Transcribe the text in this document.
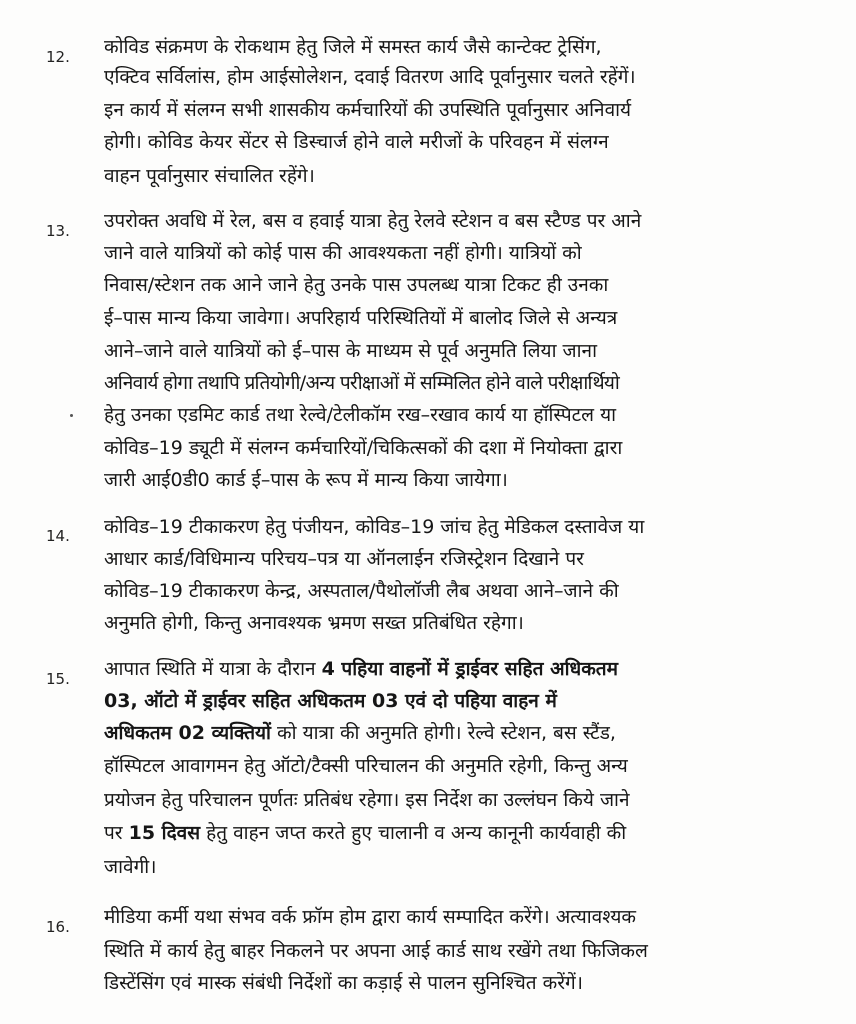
12. कोविड संक्रमण के रोकथाम हेतु जिले में समस्त कार्य जैसे कान्टेक्ट ट्रेसिंग,
एक्टिव सर्विलांस, होम आईसोलेशन, दवाई वितरण आदि पूर्वानुसार चलते रहेंगें।
इन कार्य में संलग्न सभी शासकीय कर्मचारियों की उपस्थिति पूर्वानुसार अनिवार्य
होगी। कोविड केयर सेंटर से डिस्चार्ज होने वाले मरीजों के परिवहन में संलग्न
वाहन पूर्वानुसार संचालित रहेंगे।
13. उपरोक्त अवधि में रेल, बस व हवाई यात्रा हेतु रेलवे स्टेशन व बस स्टैण्ड पर आने
जाने वाले यात्रियों को कोई पास की आवश्यकता नहीं होगी। यात्रियों को
निवास/स्टेशन तक आने जाने हेतु उनके पास उपलब्ध यात्रा टिकट ही उनका
ई–पास मान्य किया जावेगा। अपरिहार्य परिस्थितियों में बालोद जिले से अन्यत्र
आने–जाने वाले यात्रियों को ई–पास के माध्यम से पूर्व अनुमति लिया जाना
अनिवार्य होगा तथापि प्रतियोगी/अन्य परीक्षाओं में सम्मिलित होने वाले परीक्षार्थियो
हेतु उनका एडमिट कार्ड तथा रेल्वे/टेलीकॉम रख–रखाव कार्य या हॉस्पिटल या
कोविड–19 ड्यूटी में संलग्न कर्मचारियों/चिकित्सकों की दशा में नियोक्ता द्वारा
जारी आई0डी0 कार्ड ई–पास के रूप में मान्य किया जायेगा।
14. कोविड–19 टीकाकरण हेतु पंजीयन, कोविड–19 जांच हेतु मेडिकल दस्तावेज या
आधार कार्ड/विधिमान्य परिचय–पत्र या ऑनलाईन रजिस्ट्रेशन दिखाने पर
कोविड–19 टीकाकरण केन्द्र, अस्पताल/पैथोलॉजी लैब अथवा आने–जाने की
अनुमति होगी, किन्तु अनावश्यक भ्रमण सख्त प्रतिबंधित रहेगा।
15. आपात स्थिति में यात्रा के दौरान 4 पहिया वाहनों में ड्राईवर सहित अधिकतम
03, ऑटो में ड्राईवर सहित अधिकतम 03 एवं दो पहिया वाहन में
अधिकतम 02 व्यक्तियों को यात्रा की अनुमति होगी। रेल्वे स्टेशन, बस स्टैंड,
हॉस्पिटल आवागमन हेतु ऑटो/टैक्सी परिचालन की अनुमति रहेगी, किन्तु अन्य
प्रयोजन हेतु परिचालन पूर्णतः प्रतिबंध रहेगा। इस निर्देश का उल्लंघन किये जाने
पर 15 दिवस हेतु वाहन जप्त करते हुए चालानी व अन्य कानूनी कार्यवाही की
जावेगी।
16. मीडिया कर्मी यथा संभव वर्क फ्रॉम होम द्वारा कार्य सम्पादित करेंगे। अत्यावश्यक
स्थिति में कार्य हेतु बाहर निकलने पर अपना आई कार्ड साथ रखेंगे तथा फिजिकल
डिस्टेंसिंग एवं मास्क संबंधी निर्देशों का कड़ाई से पालन सुनिश्चित करेंगें।
